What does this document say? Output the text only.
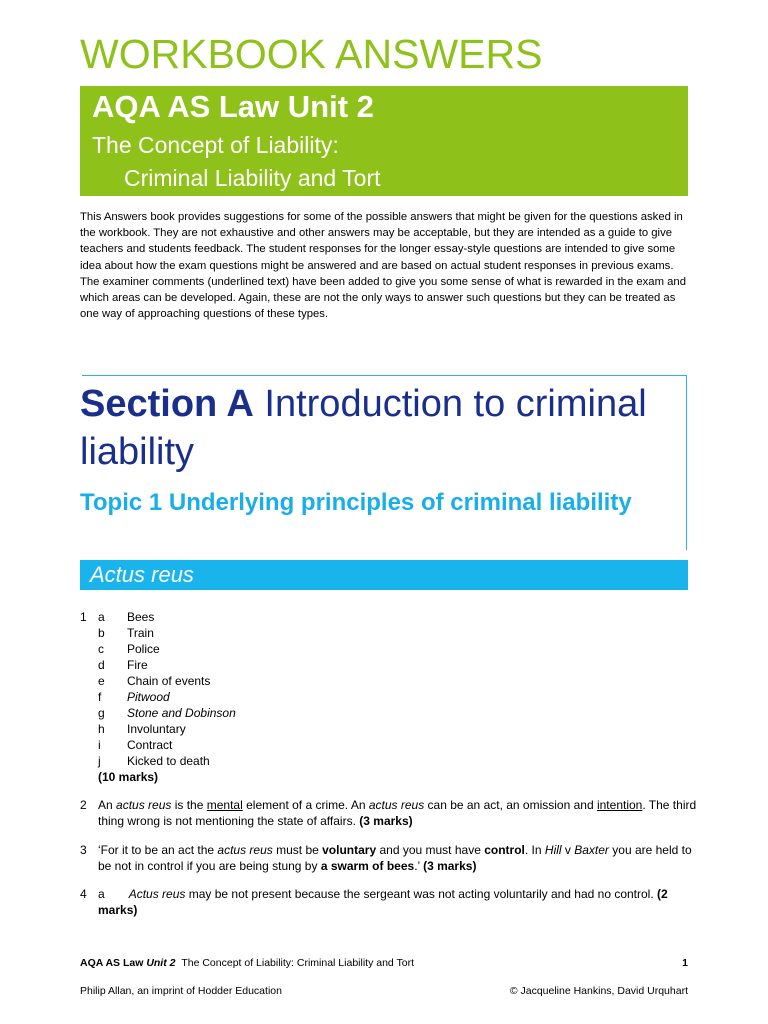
WORKBOOK ANSWERS
AQA AS Law Unit 2
The Concept of Liability:
Criminal Liability and Tort
This Answers book provides suggestions for some of the possible answers that might be given for the questions asked in the workbook. They are not exhaustive and other answers may be acceptable, but they are intended as a guide to give teachers and students feedback. The student responses for the longer essay-style questions are intended to give some idea about how the exam questions might be answered and are based on actual student responses in previous exams. The examiner comments (underlined text) have been added to give you some sense of what is rewarded in the exam and which areas can be developed. Again, these are not the only ways to answer such questions but they can be treated as one way of approaching questions of these types.
Section A Introduction to criminal liability
Topic 1 Underlying principles of criminal liability
Actus reus
1 a Bees
b Train
c Police
d Fire
e Chain of events
f Pitwood
g Stone and Dobinson
h Involuntary
i Contract
j Kicked to death
(10 marks)
2 An actus reus is the mental element of a crime. An actus reus can be an act, an omission and intention. The third thing wrong is not mentioning the state of affairs. (3 marks)
3 ‘For it to be an act the actus reus must be voluntary and you must have control. In Hill v Baxter you are held to be not in control if you are being stung by a swarm of bees.’ (3 marks)
4 a Actus reus may be not present because the sergeant was not acting voluntarily and had no control. (2 marks)
AQA AS Law Unit 2 The Concept of Liability: Criminal Liability and Tort	1
Philip Allan, an imprint of Hodder Education	© Jacqueline Hankins, David Urquhart
